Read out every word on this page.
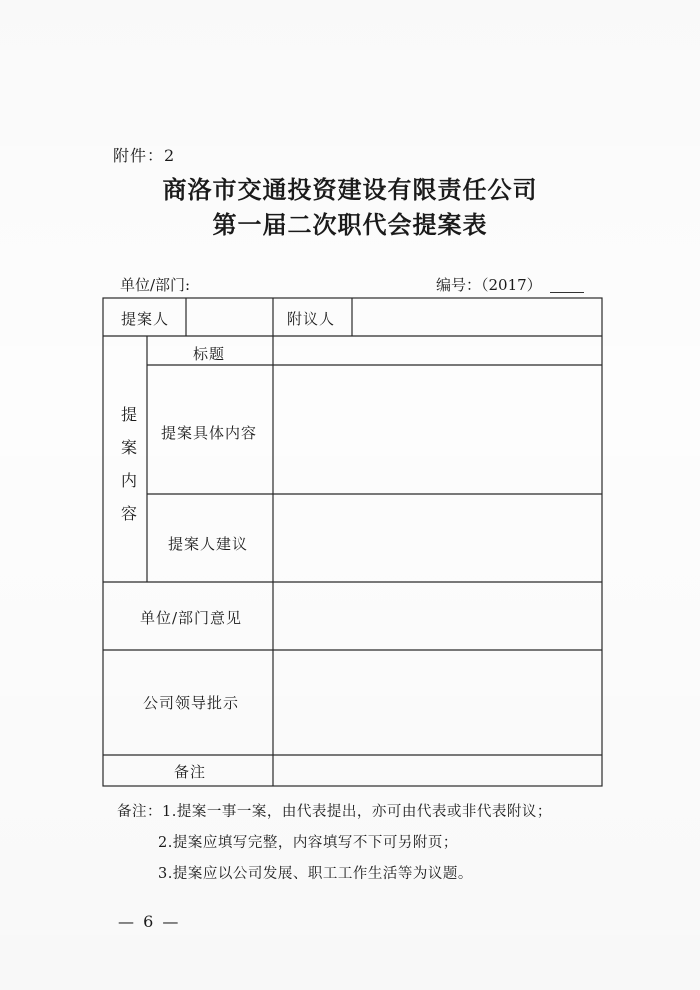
附件：2
商洛市交通投资建设有限责任公司
第一届二次职代会提案表
单位/部门:	编号：（2017）
提案人	附议人
提
案
内
容
标题
提案具体内容
提案人建议
单位/部门意见
公司领导批示
备注
备注：1.提案一事一案，由代表提出，亦可由代表或非代表附议；
2.提案应填写完整，内容填写不下可另附页；
3.提案应以公司发展、职工工作生活等为议题。
— 6 —
